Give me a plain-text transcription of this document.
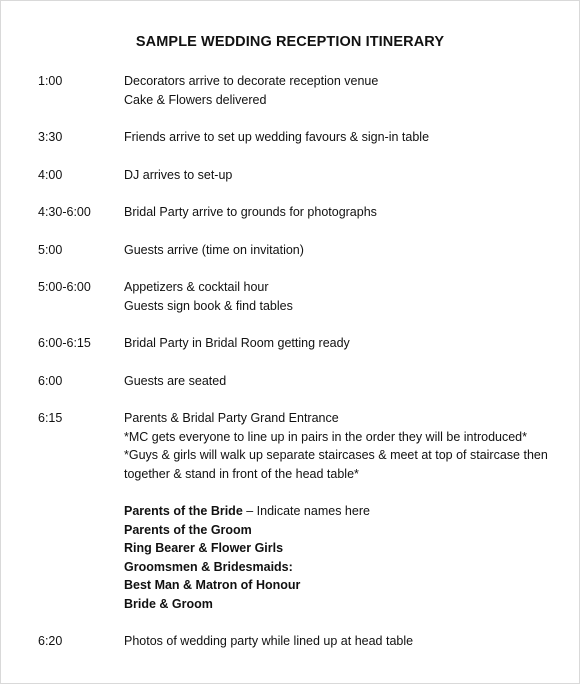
SAMPLE WEDDING RECEPTION ITINERARY
1:00	Decorators arrive to decorate reception venue
Cake & Flowers delivered
3:30	Friends arrive to set up wedding favours & sign-in table
4:00	DJ arrives to set-up
4:30-6:00	Bridal Party arrive to grounds for photographs
5:00	Guests arrive (time on invitation)
5:00-6:00	Appetizers & cocktail hour
Guests sign book & find tables
6:00-6:15	Bridal Party in Bridal Room getting ready
6:00	Guests are seated
6:15	Parents & Bridal Party Grand Entrance
*MC gets everyone to line up in pairs in the order they will be introduced*
*Guys & girls will walk up separate staircases & meet at top of staircase then
together & stand in front of the head table*
Parents of the Bride – Indicate names here
Parents of the Groom
Ring Bearer & Flower Girls
Groomsmen & Bridesmaids:
Best Man & Matron of Honour
Bride & Groom
6:20	Photos of wedding party while lined up at head table
